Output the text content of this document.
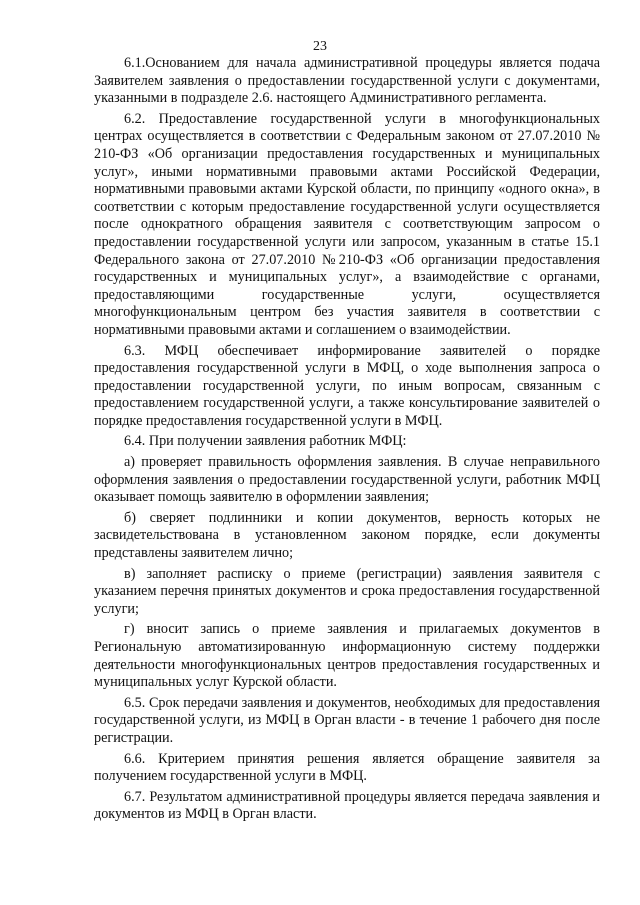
23

6.1.Основанием для начала административной процедуры является подача Заявителем заявления о предоставлении государственной услуги с документами, указанными в подразделе 2.6. настоящего Административного регламента.

6.2. Предоставление государственной услуги в многофункциональных центрах осуществляется в соответствии с Федеральным законом от 27.07.2010 № 210-ФЗ «Об организации предоставления государственных и муниципальных услуг», иными нормативными правовыми актами Российской Федерации, нормативными правовыми актами Курской области, по принципу «одного окна», в соответствии с которым предоставление государственной услуги осуществляется после однократного обращения заявителя с соответствующим запросом о предоставлении государственной услуги или запросом, указанным в статье 15.1 Федерального закона от 27.07.2010 №210-ФЗ «Об организации предоставления государственных и муниципальных услуг», а взаимодействие с органами, предоставляющими государственные услуги, осуществляется многофункциональным центром без участия заявителя в соответствии с нормативными правовыми актами и соглашением о взаимодействии.

6.3. МФЦ обеспечивает информирование заявителей о порядке предоставления государственной услуги в МФЦ, о ходе выполнения запроса о предоставлении государственной услуги, по иным вопросам, связанным с предоставлением государственной услуги, а также консультирование заявителей о порядке предоставления государственной услуги в МФЦ.

6.4. При получении заявления работник МФЦ:

а) проверяет правильность оформления заявления. В случае неправильного оформления заявления о предоставлении государственной услуги, работник МФЦ оказывает помощь заявителю в оформлении заявления;

б) сверяет подлинники и копии документов, верность которых не засвидетельствована в установленном законом порядке, если документы представлены заявителем лично;

в) заполняет расписку о приеме (регистрации) заявления заявителя с указанием перечня принятых документов и срока предоставления государственной услуги;

г) вносит запись о приеме заявления и прилагаемых документов в Региональную автоматизированную информационную систему поддержки деятельности многофункциональных центров предоставления государственных и муниципальных услуг Курской области.

6.5. Срок передачи заявления и документов, необходимых для предоставления государственной услуги, из МФЦ в Орган власти - в течение 1 рабочего дня после регистрации.

6.6. Критерием принятия решения является обращение заявителя за получением государственной услуги в МФЦ.

6.7. Результатом административной процедуры является передача заявления и документов из МФЦ в Орган власти.
